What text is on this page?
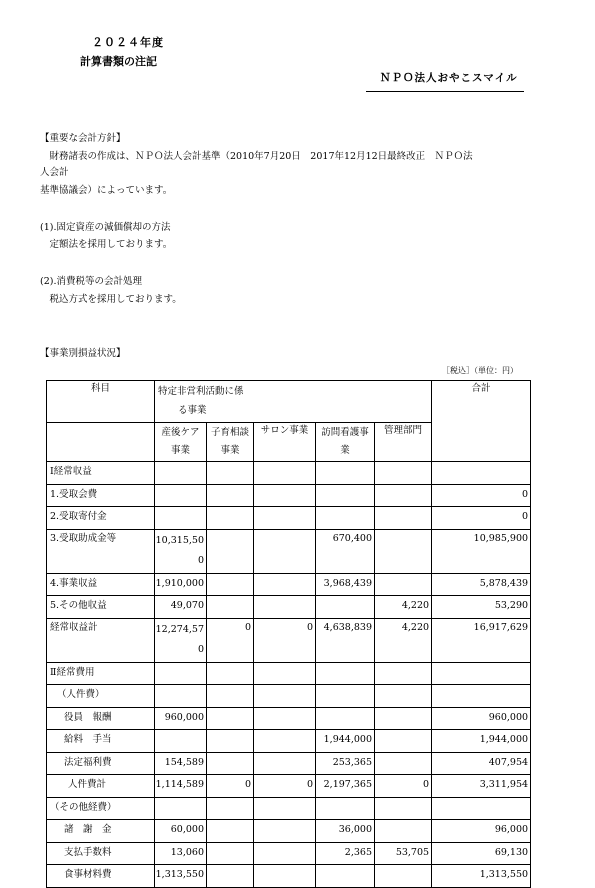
２０２４年度
計算書類の注記
ＮＰＯ法人おやこスマイル
【重要な会計方針】
　財務諸表の作成は、ＮＰＯ法人会計基準（2010年7月20日　2017年12月12日最終改正　ＮＰＯ法
人会計
基準協議会）によっています。
(1).固定資産の減価償却の方法
　定額法を採用しております。
(2).消費税等の会計処理
　税込方式を採用しております。
【事業別損益状況】
［税込］（単位：円）
科目	特定非営利活動に係
る事業					合計

	産後ケア
事業	子育相談
事業	サロン事業	訪問看護事
業	管理部門	
Ⅰ経常収益						
1.受取会費						0
2.受取寄付金						0
3.受取助成金等	10,315,50
0			670,400		10,985,900
4.事業収益	1,910,000			3,968,439		5,878,439
5.その他収益	49,070				4,220	53,290
経常収益計	12,274,57
0	0	0	4,638,839	4,220	16,917,629
Ⅱ経常費用						
（人件費）						
役員　報酬	960,000					960,000
給料　手当				1,944,000		1,944,000
法定福利費	154,589			253,365		407,954
人件費計	1,114,589	0	0	2,197,365	0	3,311,954
（その他経費）						
諸　謝　金	60,000			36,000		96,000
支払手数料	13,060			2,365	53,705	69,130
食事材料費	1,313,550					1,313,550
